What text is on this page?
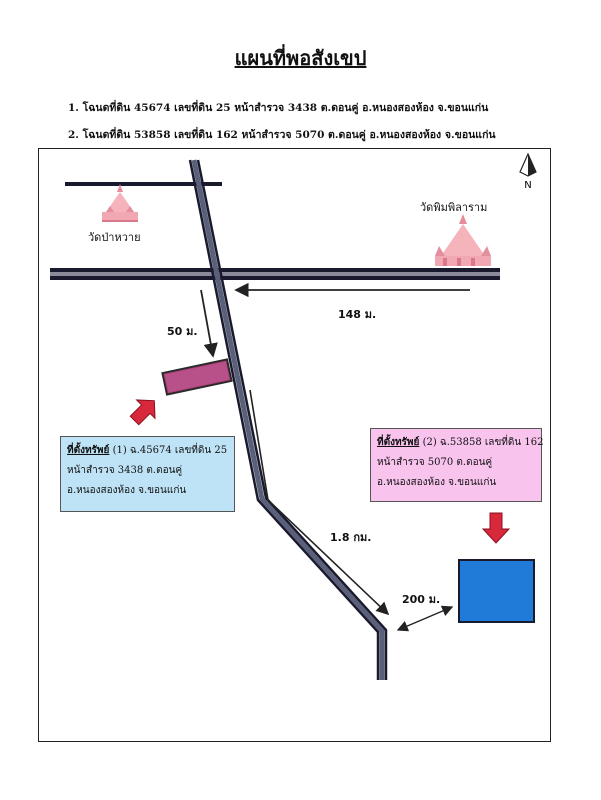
แผนที่พอสังเขป
1. โฉนดที่ดิน 45674 เลขที่ดิน 25 หน้าสำรวจ 3438 ต.ดอนคู่ อ.หนองสองห้อง จ.ขอนแก่น
2. โฉนดที่ดิน 53858 เลขที่ดิน 162 หน้าสำรวจ 5070 ต.ดอนคู่ อ.หนองสองห้อง จ.ขอนแก่น
N
วัดป่าหวาย
วัดพิมพิลาราม
148 ม.
50 ม.
1.8 กม.
200 ม.
ที่ตั้งทรัพย์ (1) ฉ.45674 เลขที่ดิน 25
หน้าสำรวจ 3438 ต.ดอนคู่
อ.หนองสองห้อง จ.ขอนแก่น
ที่ตั้งทรัพย์ (2) ฉ.53858 เลขที่ดิน 162
หน้าสำรวจ 5070 ต.ดอนคู่
อ.หนองสองห้อง จ.ขอนแก่น
